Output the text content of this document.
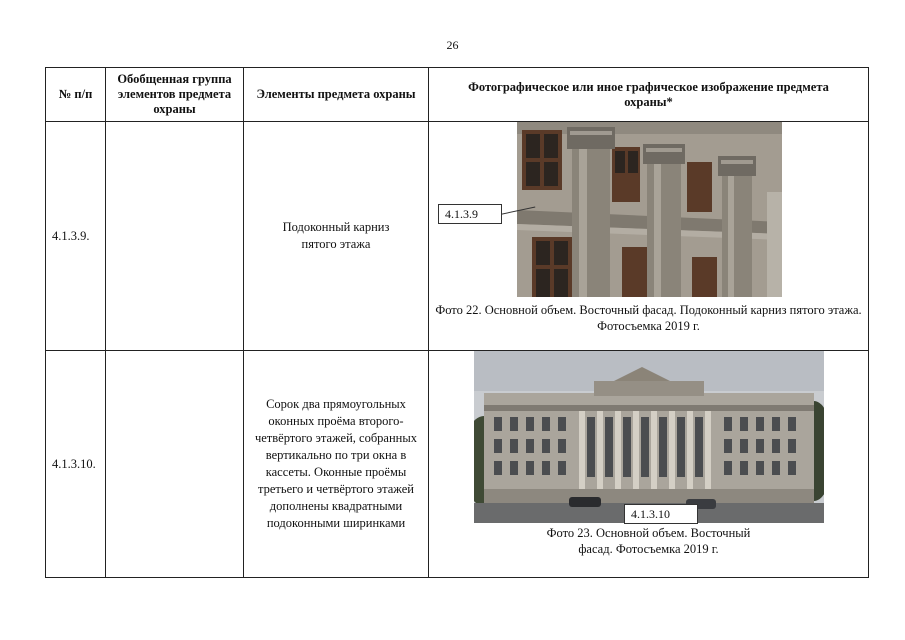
26
№ п/п	Обобщенная группа элементов предмета охраны	Элементы предмета охраны	Фотографическое или иное графическое изображение предмета охраны*
4.1.3.9.		Подоконный карниз пятого этажа	4.1.3.9
Фото 22. Основной объем. Восточный фасад. Подоконный карниз пятого этажа. Фотосъемка 2019 г.

4.1.3.10.		Сорок два прямоугольных оконных проёма второго-четвёртого этажей, собранных вертикально по три окна в кассеты. Оконные проёмы третьего и четвёртого этажей дополнены квадратными подоконными ширинками	4.1.3.10
Фото 23. Основной объем. Восточный фасад. Фотосъемка 2019 г.
